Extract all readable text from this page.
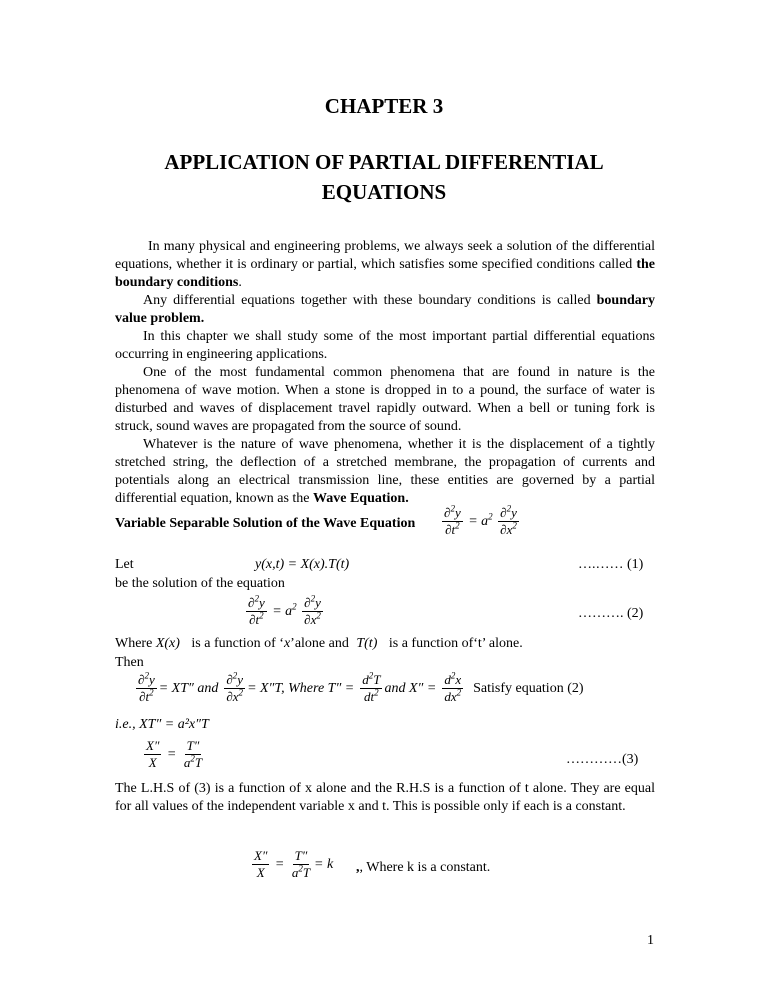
CHAPTER 3
APPLICATION OF PARTIAL DIFFERENTIAL
EQUATIONS

In many physical and engineering problems, we always seek a solution of the differential equations, whether it is ordinary or partial, which satisfies some specified conditions called the boundary conditions.

Any differential equations together with these boundary conditions is called boundary value problem.

In this chapter we shall study some of the most important partial differential equations occurring in engineering applications.

One of the most fundamental common phenomena that are found in nature is the phenomena of wave motion. When a stone is dropped in to a pound, the surface of water is disturbed and waves of displacement travel rapidly outward. When a bell or tuning fork is struck, sound waves are propagated from the source of sound.

Whatever is the nature of wave phenomena, whether it is the displacement of a tightly stretched string, the deflection of a stretched membrane, the propagation of currents and potentials along an electrical transmission line, these entities are governed by a partial differential equation, known as the Wave Equation.

Variable Separable Solution of the Wave Equation $\frac{\partial^2y}{\partial t^2} = a^2 \frac{\partial^2y}{\partial x^2}$
Let	y(x,t) = X(x).T(t)	….…… (1)
be the solution of the equation
$\frac{\partial^2y}{\partial t^2} = a^2 \frac{\partial^2y}{\partial x^2}$	………. (2)
Where X(x) is a function of ‘x’alone and T(t) is a function of‘t’ alone.
Then
$\frac{\partial^2y}{\partial t^2} = XT''$ and $\frac{\partial^2y}{\partial x^2} = X''T$, Where $T'' = \frac{d^2T}{dt^2}$ and $X'' = \frac{d^2x}{dx^2}$ Satisfy equation (2)
i.e., XT″ = a²x″T
$\frac{X''}{X} = \frac{T''}{a^2T}$	…………(3)

The L.H.S of (3) is a function of x alone and the R.H.S is a function of t alone. They are equal for all values of the independent variable x and t. This is possible only if each is a constant.

$\frac{X''}{X} = \frac{T''}{a^2T} = k$ ,, Where k is a constant.
1
